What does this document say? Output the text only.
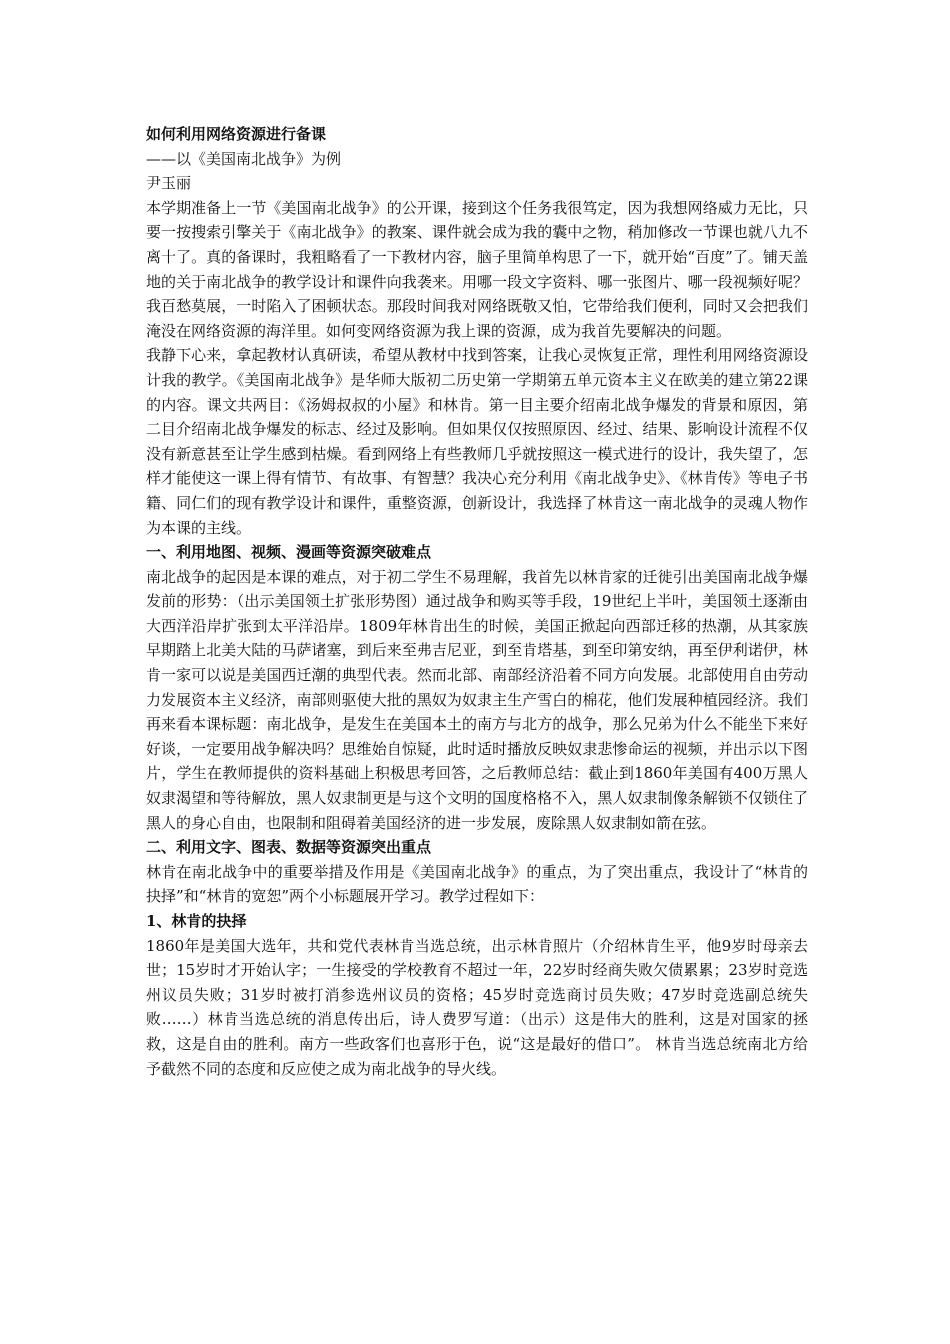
如何利用网络资源进行备课

——以《美国南北战争》为例

尹玉丽

本学期准备上一节《美国南北战争》的公开课，接到这个任务我很笃定，因为我想网络威力无比，只要一按搜索引擎关于《南北战争》的教案、课件就会成为我的囊中之物，稍加修改一节课也就八九不离十了。真的备课时，我粗略看了一下教材内容，脑子里简单构思了一下，就开始“百度”了。铺天盖地的关于南北战争的教学设计和课件向我袭来。用哪一段文字资料、哪一张图片、哪一段视频好呢？我百愁莫展，一时陷入了困顿状态。那段时间我对网络既敬又怕，它带给我们便利，同时又会把我们淹没在网络资源的海洋里。如何变网络资源为我上课的资源，成为我首先要解决的问题。

我静下心来，拿起教材认真研读，希望从教材中找到答案，让我心灵恢复正常，理性利用网络资源设计我的教学。《美国南北战争》是华师大版初二历史第一学期第五单元资本主义在欧美的建立第22课的内容。课文共两目：《汤姆叔叔的小屋》和林肯。第一目主要介绍南北战争爆发的背景和原因，第二目介绍南北战争爆发的标志、经过及影响。但如果仅仅按照原因、经过、结果、影响设计流程不仅没有新意甚至让学生感到枯燥。看到网络上有些教师几乎就按照这一模式进行的设计，我失望了，怎样才能使这一课上得有情节、有故事、有智慧？我决心充分利用《南北战争史》、《林肯传》等电子书籍、同仁们的现有教学设计和课件，重整资源，创新设计，我选择了林肯这一南北战争的灵魂人物作为本课的主线。

一、利用地图、视频、漫画等资源突破难点

南北战争的起因是本课的难点，对于初二学生不易理解，我首先以林肯家的迁徙引出美国南北战争爆发前的形势：（出示美国领土扩张形势图）通过战争和购买等手段，19世纪上半叶，美国领土逐渐由大西洋沿岸扩张到太平洋沿岸。1809年林肯出生的时候，美国正掀起向西部迁移的热潮，从其家族早期踏上北美大陆的马萨诸塞，到后来至弗吉尼亚，到至肯塔基，到至印第安纳，再至伊利诺伊，林肯一家可以说是美国西迁潮的典型代表。然而北部、南部经济沿着不同方向发展。北部使用自由劳动力发展资本主义经济，南部则驱使大批的黑奴为奴隶主生产雪白的棉花，他们发展种植园经济。我们再来看本课标题：南北战争，是发生在美国本土的南方与北方的战争，那么兄弟为什么不能坐下来好好谈，一定要用战争解决吗？思维始自惊疑，此时适时播放反映奴隶悲惨命运的视频，并出示以下图片，学生在教师提供的资料基础上积极思考回答，之后教师总结：截止到1860年美国有400万黑人奴隶渴望和等待解放，黑人奴隶制更是与这个文明的国度格格不入，黑人奴隶制像条解锁不仅锁住了黑人的身心自由，也限制和阻碍着美国经济的进一步发展，废除黑人奴隶制如箭在弦。

二、利用文字、图表、数据等资源突出重点

林肯在南北战争中的重要举措及作用是《美国南北战争》的重点，为了突出重点，我设计了“林肯的抉择”和“林肯的宽恕”两个小标题展开学习。教学过程如下：

1、林肯的抉择

1860年是美国大选年，共和党代表林肯当选总统，出示林肯照片（介绍林肯生平，他9岁时母亲去世；15岁时才开始认字；一生接受的学校教育不超过一年，22岁时经商失败欠债累累；23岁时竞选州议员失败；31岁时被打消参选州议员的资格；45岁时竞选商讨员失败；47岁时竞选副总统失败……）林肯当选总统的消息传出后，诗人费罗写道：（出示）这是伟大的胜利，这是对国家的拯救，这是自由的胜利。南方一些政客们也喜形于色，说“这是最好的借口”。 林肯当选总统南北方给予截然不同的态度和反应使之成为南北战争的导火线。
